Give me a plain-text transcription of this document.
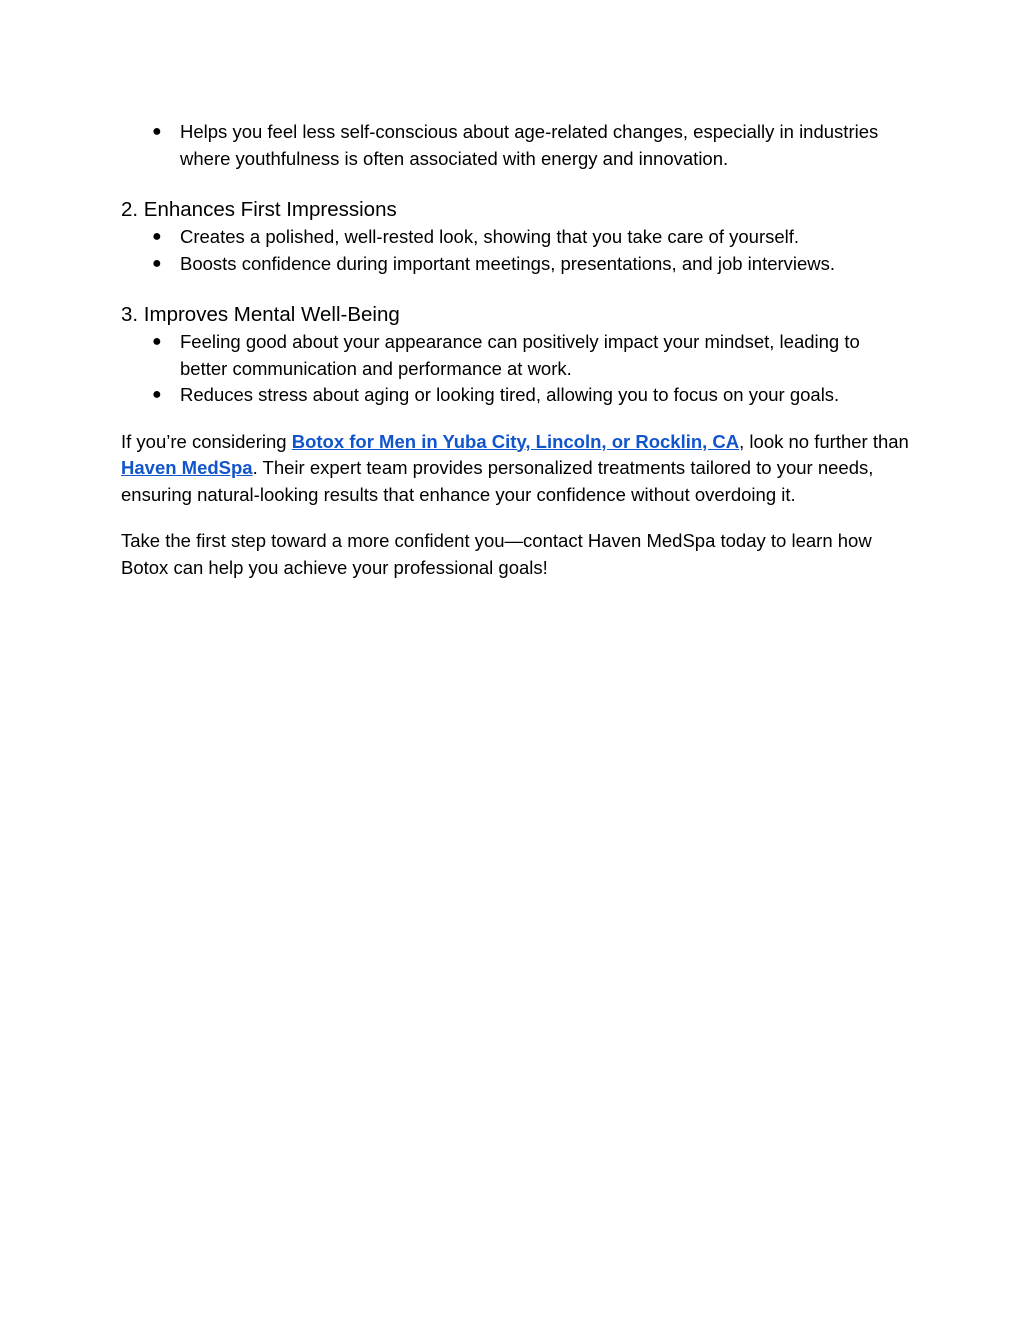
● Helps you feel less self-conscious about age-related changes, especially in industries where youthfulness is often associated with energy and innovation.
2. Enhances First Impressions
● Creates a polished, well-rested look, showing that you take care of yourself.
● Boosts confidence during important meetings, presentations, and job interviews.
3. Improves Mental Well-Being
● Feeling good about your appearance can positively impact your mindset, leading to better communication and performance at work.
● Reduces stress about aging or looking tired, allowing you to focus on your goals.

If you’re considering Botox for Men in Yuba City, Lincoln, or Rocklin, CA, look no further than Haven MedSpa. Their expert team provides personalized treatments tailored to your needs, ensuring natural-looking results that enhance your confidence without overdoing it.

Take the first step toward a more confident you—contact Haven MedSpa today to learn how Botox can help you achieve your professional goals!
